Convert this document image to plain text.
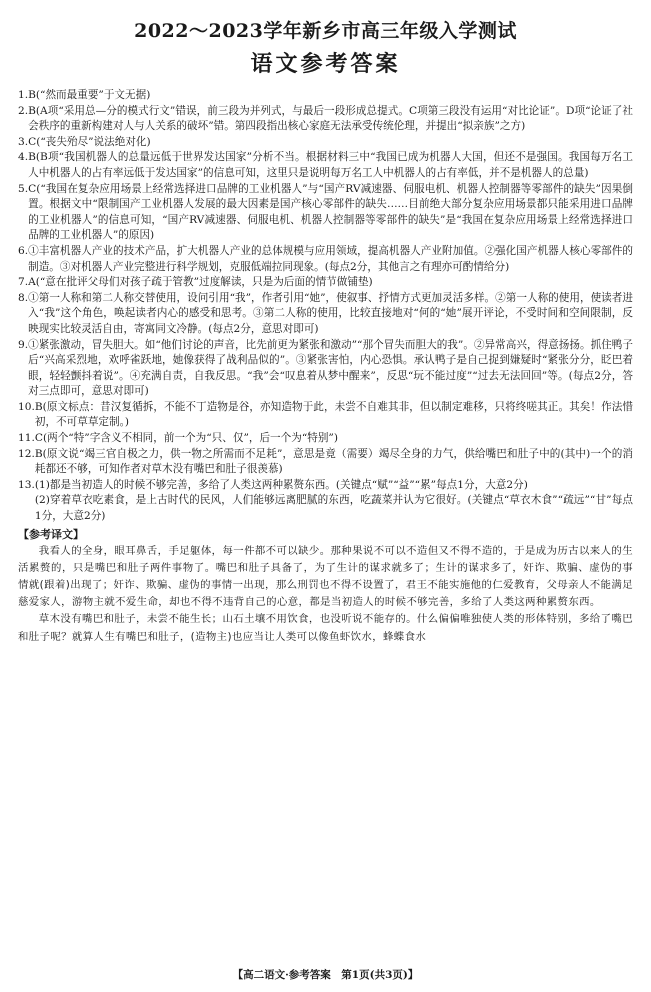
2022～2023学年新乡市高三年级入学测试
语文参考答案
1. B(“然而最重要”于文无据)
2. B(A项“采用总—分的模式行文”错误，前三段为并列式，与最后一段形成总提式。C项第三段没有运用“对比论证”。D项“论证了社会秩序的重新构建对人与人关系的破坏”错。第四段指出核心家庭无法承受传统伦理，并提出“拟亲族”之方)
3. C(“丧失殆尽”说法绝对化)
4. B(B项“我国机器人的总量远低于世界发达国家”分析不当。根据材料三中“我国已成为机器人大国，但还不是强国。我国每万名工人中机器人的占有率远低于发达国家”的信息可知，这里只是说明每万名工人中机器人的占有率低，并不是机器人的总量)
5. C(“我国在复杂应用场景上经常选择进口品牌的工业机器人”与“国产RV减速器、伺服电机、机器人控制器等零部件的缺失”因果倒置。根据文中“限制国产工业机器人发展的最大因素是国产核心零部件的缺失……目前绝大部分复杂应用场景都只能采用进口品牌的工业机器人”的信息可知，“国产RV减速器、伺服电机、机器人控制器等零部件的缺失”是“我国在复杂应用场景上经常选择进口品牌的工业机器人”的原因)
6. ①丰富机器人产业的技术产品，扩大机器人产业的总体规模与应用领域，提高机器人产业附加值。②强化国产机器人核心零部件的制造。③对机器人产业完整进行科学规划，克服低端拉同现象。(每点2分，其他言之有理亦可酌情给分)
7. A(“意在批评父母们对孩子疏于管教”过度解读，只是为后面的情节做铺垫)
8. ①第一人称和第二人称交替使用，设问引用“我”，作者引用“她”，使叙事、抒情方式更加灵活多样。②第一人称的使用，使读者进入“我”这个角色，唤起读者内心的感受和思考。③第二人称的使用，比较直接地对“何的“她”展开评论，不受时间和空间限制，反映现实比较灵活自由，寄寓同文冷静。(每点2分，意思对即可)
9. ①紧张激动，冒失胆大。如“他们讨论的声音，比先前更为紧张和激动”“那个冒失而胆大的我”。②异常高兴，得意扬扬。抓住鸭子后“兴高采烈地，欢呼雀跃地，她像获得了战利品似的”。③紧张害怕，内心恐惧。承认鸭子是自己捉到嫌疑时“紧张分分，眨巴着眼，轻轻颤抖着说”。④充满自责，自我反思。“我”会“叹息着从梦中醒来”，反思“玩不能过度”“过去无法回回”等。(每点2分，答对三点即可，意思对即可)
10. B(原文标点：昔汉复循拆，不能不丁造物是谷，亦知造物于此，未尝不自难其非，但以制定难移，只将终嗟其正。其矣！作法惜初，不可草草定制。)
11. C(两个“特”字含义不相同，前一个为“只、仅”，后一个为“特别”)
12. B(原文说“竭三官自极之力，供一物之所需而不足耗”，意思是竟（需要）竭尽全身的力气，供给嘴巴和肚子中的(其中)一个的消耗都还不够，可知作者对草木没有嘴巴和肚子很羡慕)
13. (1)都是当初造人的时候不够完善，多给了人类这两种累赘东西。(关键点“赋”“益”“累”每点1分，大意2分)
(2)穿着草衣吃素食，是上古时代的民风，人们能够远离肥腻的东西，吃蔬菜并认为它很好。(关键点“草衣木食”“疏远”“甘”每点1分，大意2分)
【参考译文】

我看人的全身，眼耳鼻舌，手足躯体，每一件都不可以缺少。那种果说不可以不造但又不得不造的，于是成为历古以来人的生活累赘的，只是嘴巴和肚子两件事物了。嘴巴和肚子具备了，为了生计的谋求就多了；生计的谋求多了，奸诈、欺骗、虚伪的事情就(跟着)出现了；奸诈、欺骗、虚伪的事情一出现，那么刑罚也不得不设置了，君王不能实施他的仁爱教育，父母亲人不能满足慈爱家人，游物主就不爱生命，却也不得不违背自己的心意，都是当初造人的时候不够完善，多给了人类这两种累赘东西。

草木没有嘴巴和肚子，未尝不能生长；山石土壤不用饮食，也没听说不能存的。什么偏偏唯独使人类的形体特别，多给了嘴巴和肚子呢？就算人生有嘴巴和肚子，(造物主)也应当让人类可以像鱼虾饮水，蜂蝶食水

【高二语文·参考答案　第1页(共3页)】
